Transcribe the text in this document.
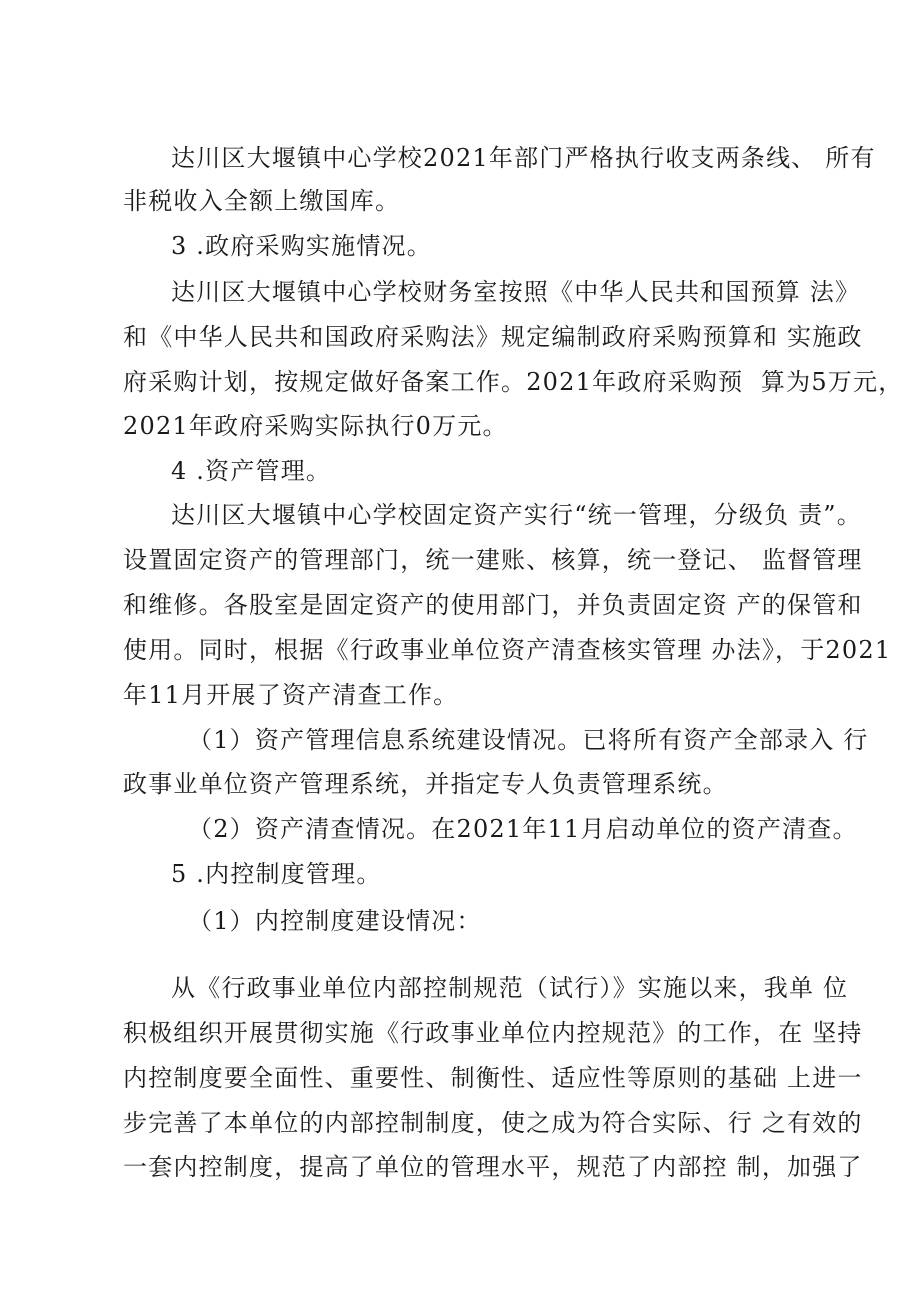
达川区大堰镇中心学校2021年部门严格执行收支两条线、 所有
非税收入全额上缴国库。
3 .政府采购实施情况。
达川区大堰镇中心学校财务室按照《中华人民共和国预算 法》
和《中华人民共和国政府采购法》规定编制政府采购预算和 实施政
府采购计划，按规定做好备案工作。2021年政府采购预  算为5万元，
2021年政府采购实际执行0万元。
4 .资产管理。
达川区大堰镇中心学校固定资产实行“统一管理，分级负 责”。
设置固定资产的管理部门，统一建账、核算，统一登记、 监督管理
和维修。各股室是固定资产的使用部门，并负责固定资 产的保管和
使用。同时，根据《行政事业单位资产清查核实管理 办法》，于2021
年11月开展了资产清查工作。
（1）资产管理信息系统建设情况。已将所有资产全部录入 行
政事业单位资产管理系统，并指定专人负责管理系统。
（2）资产清查情况。在2021年11月启动单位的资产清查。
5 .内控制度管理。
（1）内控制度建设情况：
从《行政事业单位内部控制规范（试行）》实施以来，我单 位
积极组织开展贯彻实施《行政事业单位内控规范》的工作，在 坚持
内控制度要全面性、重要性、制衡性、适应性等原则的基础 上进一
步完善了本单位的内部控制制度，使之成为符合实际、行 之有效的
一套内控制度，提高了单位的管理水平，规范了内部控 制，加强了
